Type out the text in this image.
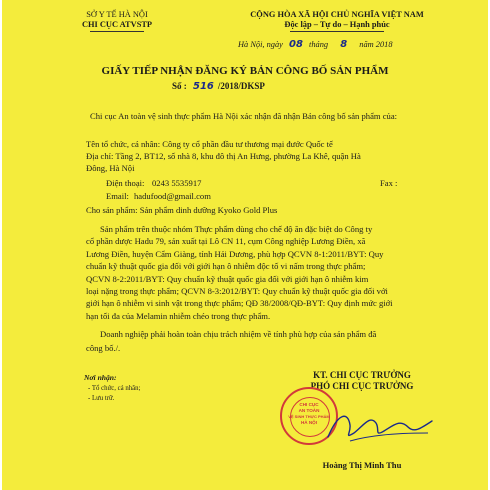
SỞ Y TẾ HÀ NỘI
CHI CỤC ATVSTP
CỘNG HÒA XÃ HỘI CHỦ NGHĨA VIỆT NAM
Độc lập – Tự do – Hạnh phúc
Hà Nội, ngày 08 tháng 8 năm 2018
GIẤY TIẾP NHẬN ĐĂNG KÝ BẢN CÔNG BỐ SẢN PHẨM
Số : 516 /2018/DKSP
Chi cục An toàn vệ sinh thực phẩm Hà Nội xác nhận đã nhận Bản công bố sản phẩm của:
Tên tổ chức, cá nhân: Công ty cổ phần đầu tư thương mại đước Quốc tế
Địa chỉ: Tầng 2, BT12, số nhà 8, khu đô thị An Hưng, phường La Khê, quận Hà
Đông, Hà Nội
Điện thoại: 0243 5535917	Fax :
Email: hadufood@gmail.com
Cho sản phẩm: Sản phẩm dinh dưỡng Kyoko Gold Plus
Sản phẩm trên thuộc nhóm Thực phẩm dùng cho chế độ ăn đặc biệt do Công ty
cổ phần dược Hadu 79, sản xuất tại Lô CN 11, cụm Công nghiệp Lương Điền, xã
Lương Điền, huyện Cẩm Giàng, tỉnh Hải Dương, phù hợp QCVN 8-1:2011/BYT: Quy
chuẩn kỹ thuật quốc gia đối với giới hạn ô nhiễm độc tố vi nấm trong thực phẩm;
QCVN 8-2:2011/BYT: Quy chuẩn kỹ thuật quốc gia đối với giới hạn ô nhiễm kim
loại nặng trong thực phẩm; QCVN 8-3:2012/BYT: Quy chuẩn kỹ thuật quốc gia đối với
giới hạn ô nhiễm vi sinh vật trong thực phẩm; QĐ 38/2008/QĐ-BYT: Quy định mức giới
hạn tối đa của Melamin nhiễm chéo trong thực phẩm.
Doanh nghiệp phải hoàn toàn chịu trách nhiệm về tính phù hợp của sản phẩm đã
công bố./.
Nơi nhận:
- Tổ chức, cá nhân;
- Lưu trữ.
KT. CHI CỤC TRƯỞNG
PHÓ CHI CỤC TRƯỞNG
CHI CỤC
AN TOÀN
VỆ SINH THỰC PHẨM
HÀ NỘI
Hoàng Thị Minh Thu
